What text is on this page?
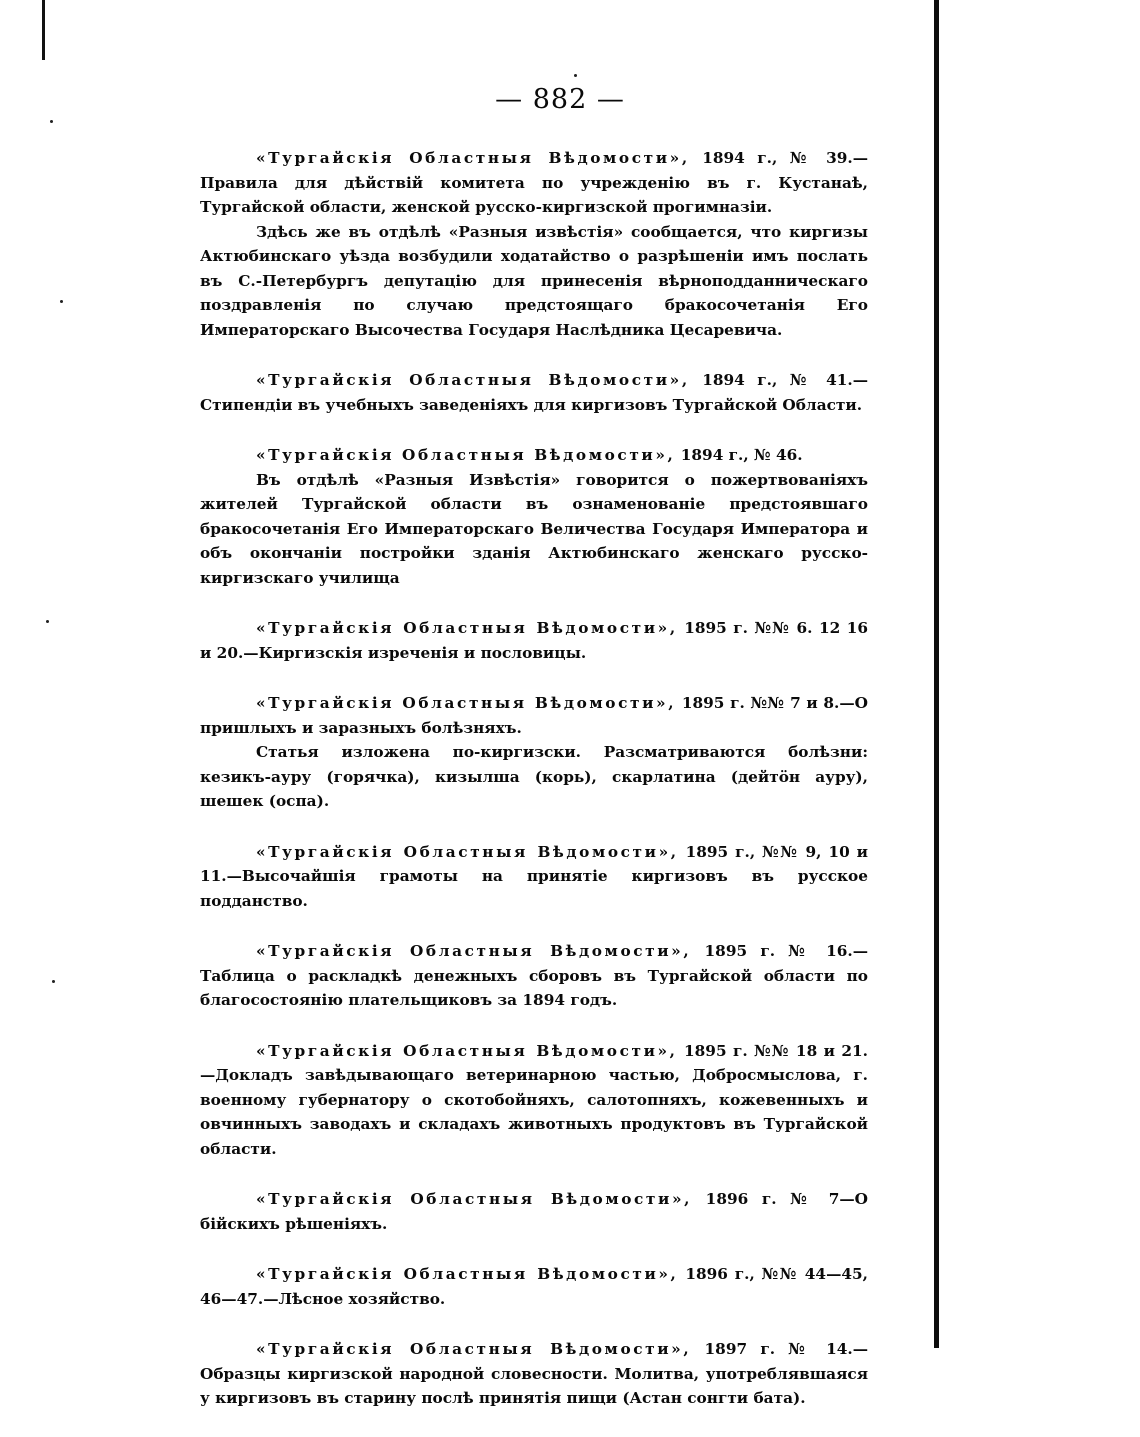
— 882 —

«Тургайскія Областныя Вѣдомости», 1894 г., № 39.—Правила для дѣйствій комитета по учрежденію въ г. Кустанаѣ, Тургайской области, женской русско-киргизской прогимназіи.

Здѣсь же въ отдѣлѣ «Разныя извѣстія» сообщается, что киргизы Актюбинскаго уѣзда возбудили ходатайство о разрѣшеніи имъ послать въ С.-Петербургъ депутацію для принесенія вѣрноподданническаго поздравленія по случаю предстоящаго бракосочетанія Его Императорскаго Высочества Государя Наслѣдника Цесаревича.

«Тургайскія Областныя Вѣдомости», 1894 г., № 41.—Стипендіи въ учебныхъ заведеніяхъ для киргизовъ Тургайской Области.

«Тургайскія Областныя Вѣдомости», 1894 г., № 46.

Въ отдѣлѣ «Разныя Извѣстія» говорится о пожертвованіяхъ жителей Тургайской области въ ознаменованіе предстоявшаго бракосочетанія Его Императорскаго Величества Государя Императора и объ окончаніи постройки зданія Актюбинскаго женскаго русско-киргизскаго училища

«Тургайскія Областныя Вѣдомости», 1895 г. №№ 6. 12 16 и 20.—Киргизскія изреченія и пословицы.

«Тургайскія Областныя Вѣдомости», 1895 г. №№ 7 и 8.—О пришлыхъ и заразныхъ болѣзняхъ.

Статья изложена по-киргизски. Разсматриваются болѣзни: кезикъ-ауру (горячка), кизылша (корь), скарлатина (дейтöн ауру), шешек (оспа).

«Тургайскія Областныя Вѣдомости», 1895 г., №№ 9, 10 и 11.—Высочайшія грамоты на принятіе киргизовъ въ русское подданство.

«Тургайскія Областныя Вѣдомости», 1895 г. № 16.—Таблица о раскладкѣ денежныхъ сборовъ въ Тургайской области по благосостоянію плательщиковъ за 1894 годъ.

«Тургайскія Областныя Вѣдомости», 1895 г. №№ 18 и 21.—Докладъ завѣдывающаго ветеринарною частью, Добросмыслова, г. военному губернатору о скотобойняхъ, салотопняхъ, кожевенныхъ и овчинныхъ заводахъ и складахъ животныхъ продуктовъ въ Тургайской области.

«Тургайскія Областныя Вѣдомости», 1896 г. № 7—О бійскихъ рѣшеніяхъ.

«Тургайскія Областныя Вѣдомости», 1896 г., №№ 44—45, 46—47.—Лѣсное хозяйство.

«Тургайскія Областныя Вѣдомости», 1897 г. № 14.—Образцы киргизской народной словесности. Молитва, употреблявшаяся у киргизовъ въ старину послѣ принятія пищи (Астан сонгти бата).
